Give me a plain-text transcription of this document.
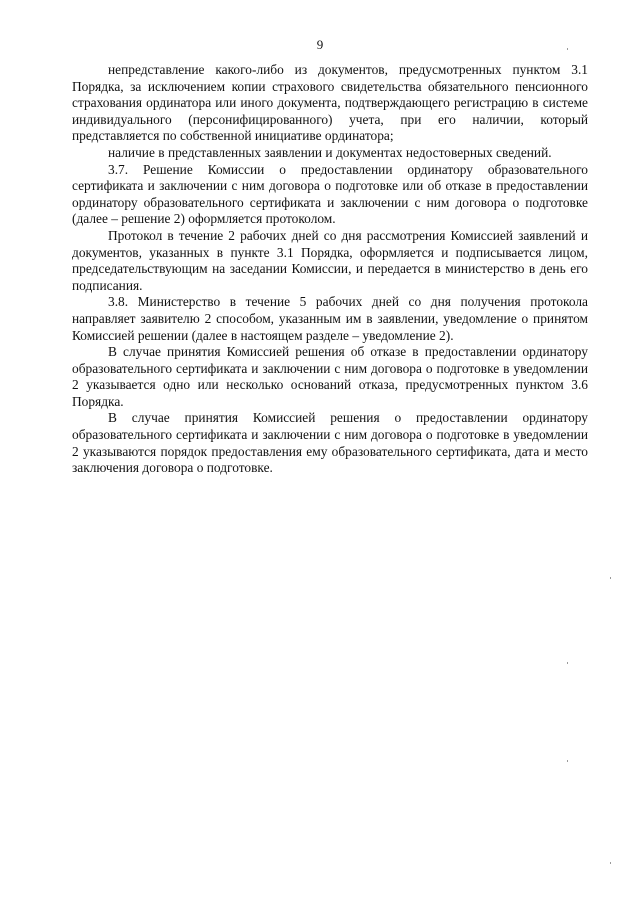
9

непредставление какого-либо из документов, предусмотренных пунктом 3.1 Порядка, за исключением копии страхового свидетельства обязательного пенсионного страхования ординатора или иного документа, подтверждающего регистрацию в системе индивидуального (персонифицированного) учета, при его наличии, который представляется по собственной инициативе ординатора;

наличие в представленных заявлении и документах недостоверных сведений.

3.7. Решение Комиссии о предоставлении ординатору образовательного сертификата и заключении с ним договора о подготовке или об отказе в предоставлении ординатору образовательного сертификата и заключении с ним договора о подготовке (далее – решение 2) оформляется протоколом.

Протокол в течение 2 рабочих дней со дня рассмотрения Комиссией заявлений и документов, указанных в пункте 3.1 Порядка, оформляется и подписывается лицом, председательствующим на заседании Комиссии, и передается в министерство в день его подписания.

3.8. Министерство в течение 5 рабочих дней со дня получения протокола направляет заявителю 2 способом, указанным им в заявлении, уведомление о принятом Комиссией решении (далее в настоящем разделе – уведомление 2).

В случае принятия Комиссией решения об отказе в предоставлении ординатору образовательного сертификата и заключении с ним договора о подготовке в уведомлении 2 указывается одно или несколько оснований отказа, предусмотренных пунктом 3.6 Порядка.

В случае принятия Комиссией решения о предоставлении ординатору образовательного сертификата и заключении с ним договора о подготовке в уведомлении 2 указываются порядок предоставления ему образовательного сертификата, дата и место заключения договора о подготовке.
